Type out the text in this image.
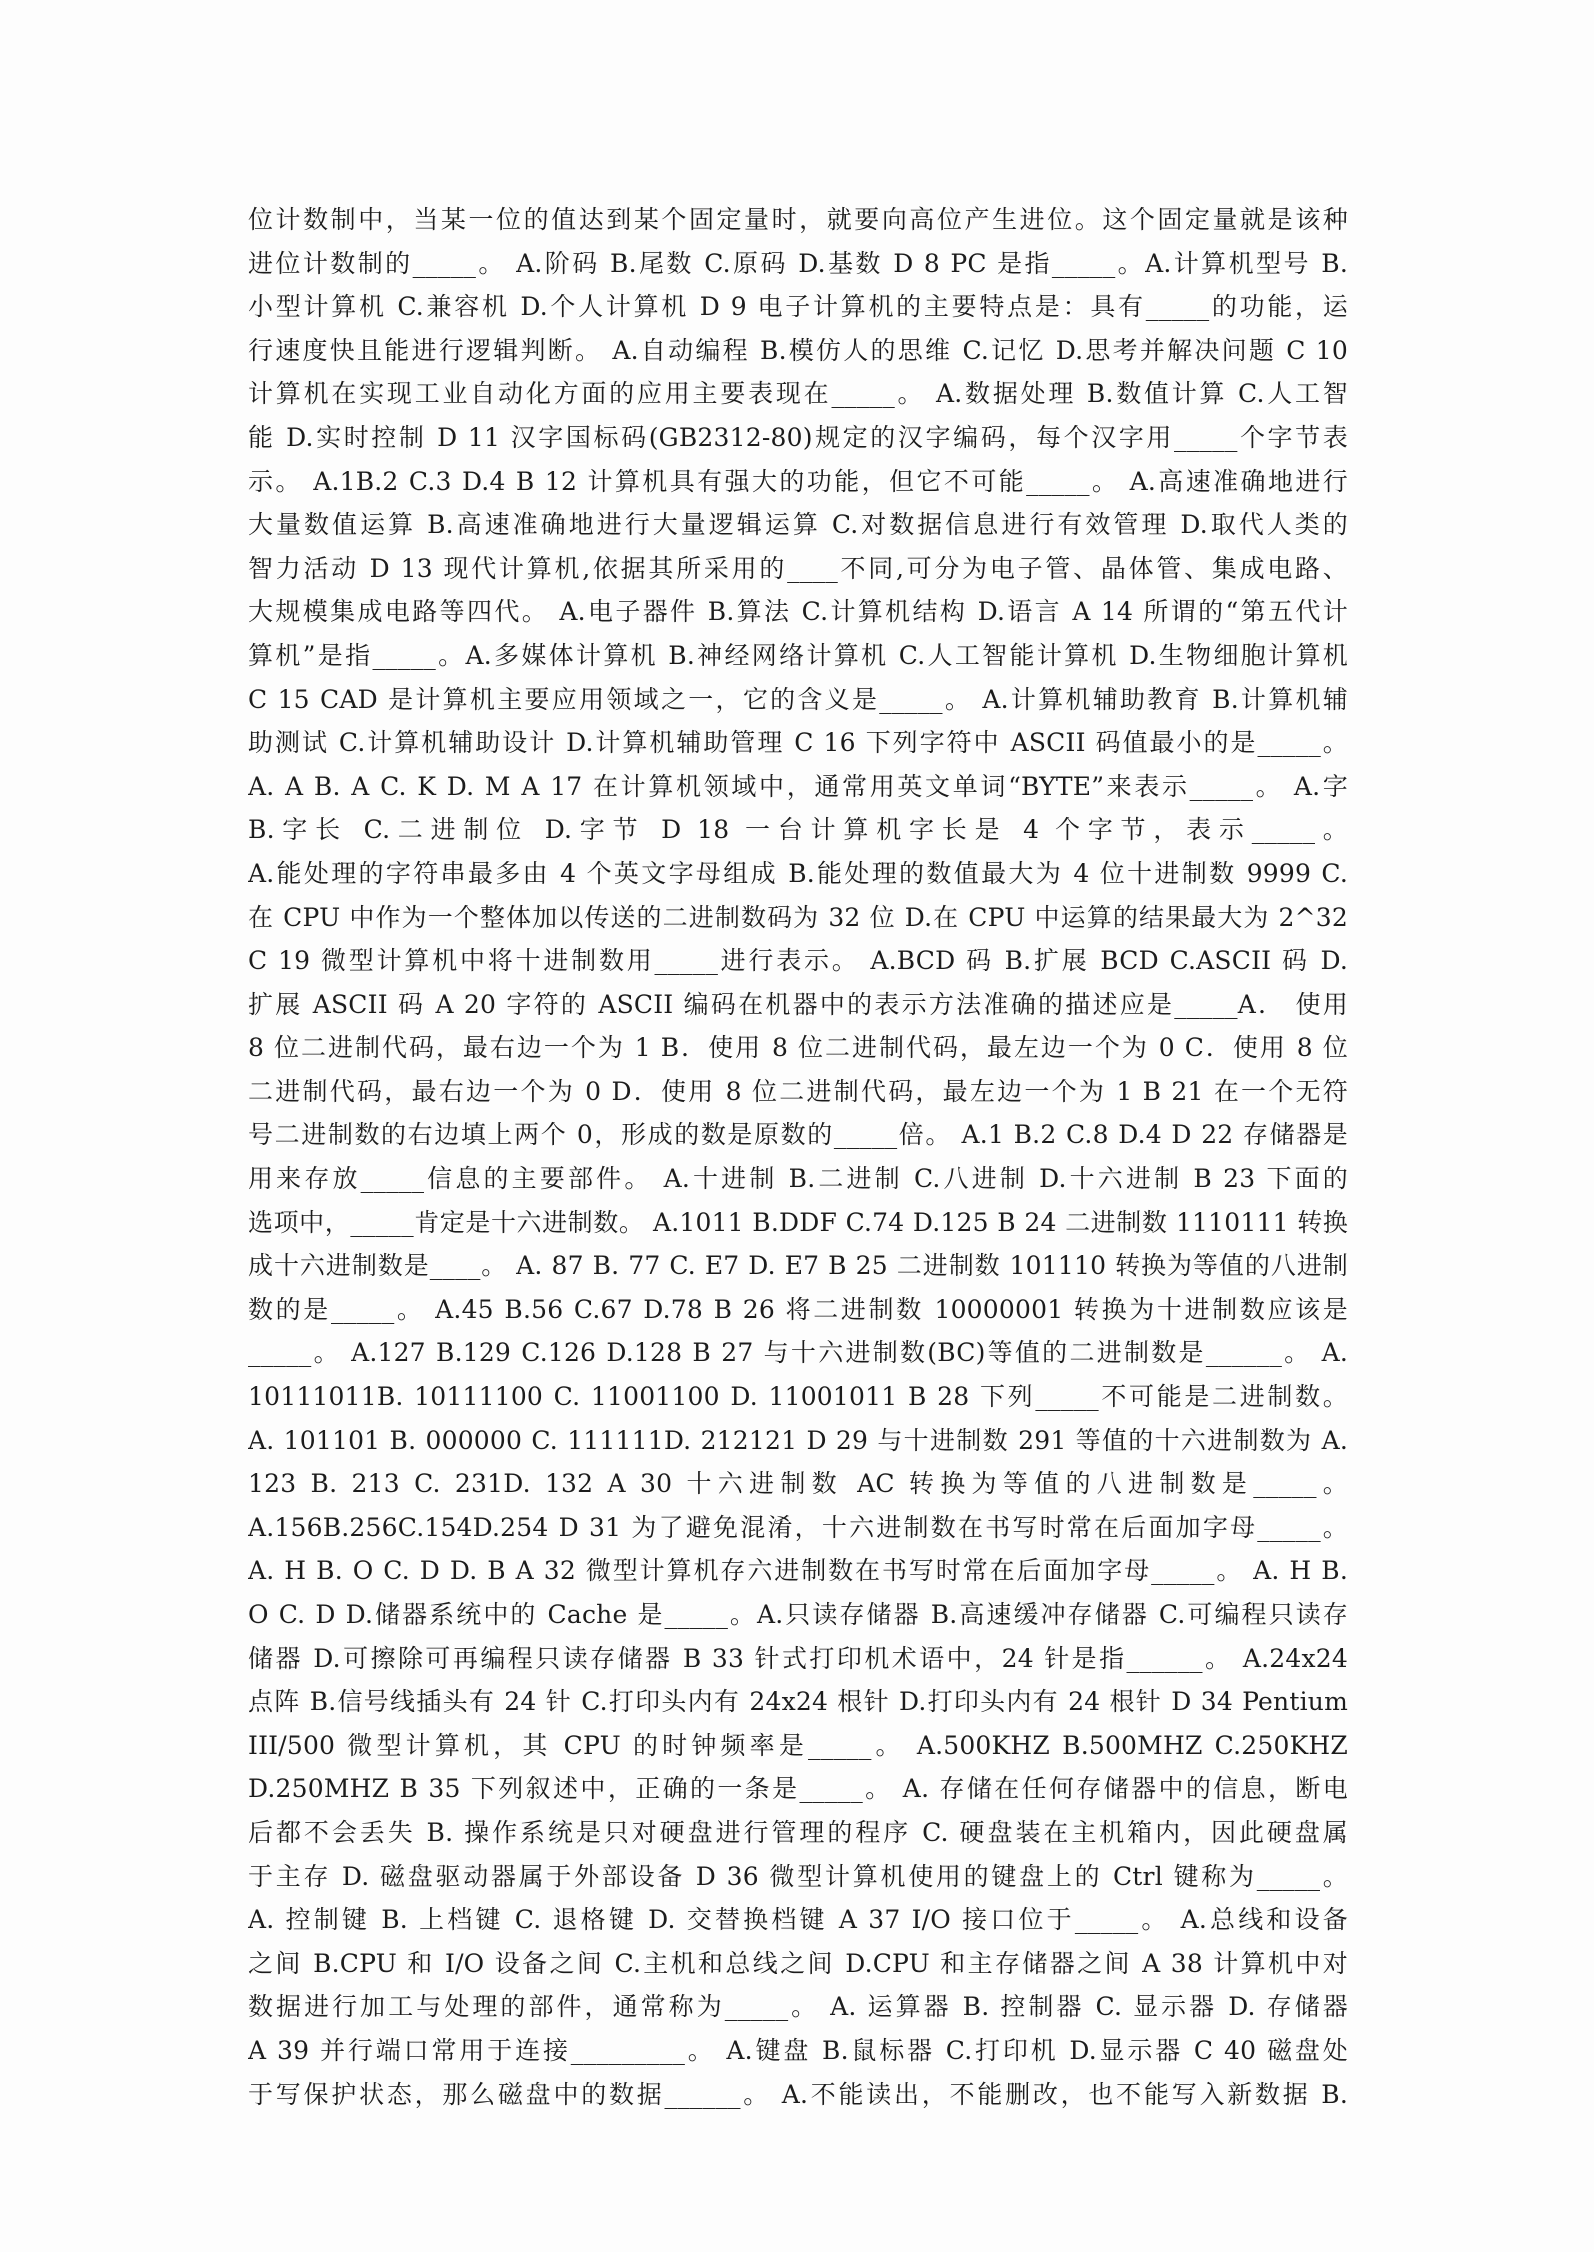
位计数制中，当某一位的值达到某个固定量时，就要向高位产生进位。这个固定量就是该种
进位计数制的_____。 A.阶码 B.尾数 C.原码 D.基数 D 8 PC 是指_____。A.计算机型号 B.
小型计算机 C.兼容机 D.个人计算机 D 9 电子计算机的主要特点是：具有_____的功能，运
行速度快且能进行逻辑判断。 A.自动编程 B.模仿人的思维 C.记忆 D.思考并解决问题 C 10
计算机在实现工业自动化方面的应用主要表现在_____。 A.数据处理 B.数值计算 C.人工智
能 D.实时控制 D 11 汉字国标码(GB2312-80)规定的汉字编码，每个汉字用_____个字节表
示。 A.1B.2 C.3 D.4 B 12 计算机具有强大的功能，但它不可能_____。 A.高速准确地进行
大量数值运算 B.高速准确地进行大量逻辑运算 C.对数据信息进行有效管理 D.取代人类的
智力活动 D 13 现代计算机,依据其所采用的____不同,可分为电子管、晶体管、集成电路、
大规模集成电路等四代。 A.电子器件 B.算法 C.计算机结构 D.语言 A 14 所谓的“第五代计
算机”是指_____。A.多媒体计算机 B.神经网络计算机 C.人工智能计算机 D.生物细胞计算机
C 15 CAD 是计算机主要应用领域之一，它的含义是_____。 A.计算机辅助教育 B.计算机辅
助测试 C.计算机辅助设计 D.计算机辅助管理 C 16 下列字符中 ASCII 码值最小的是_____。
A. A B. A C. K D. M A 17 在计算机领域中，通常用英文单词“BYTE”来表示_____。 A.字
B.字长 C.二进制位 D.字节 D 18 一台计算机字长是 4 个字节，表示_____。
A.能处理的字符串最多由 4 个英文字母组成 B.能处理的数值最大为 4 位十进制数 9999 C.
在 CPU 中作为一个整体加以传送的二进制数码为 32 位 D.在 CPU 中运算的结果最大为 2^32
C 19 微型计算机中将十进制数用_____进行表示。 A.BCD 码 B.扩展 BCD C.ASCII 码 D.
扩展 ASCII 码 A 20 字符的 ASCII 编码在机器中的表示方法准确的描述应是_____A． 使用
8 位二进制代码，最右边一个为 1 B．使用 8 位二进制代码，最左边一个为 0 C．使用 8 位
二进制代码，最右边一个为 0 D．使用 8 位二进制代码，最左边一个为 1 B 21 在一个无符
号二进制数的右边填上两个 0，形成的数是原数的_____倍。 A.1 B.2 C.8 D.4 D 22 存储器是
用来存放_____信息的主要部件。 A.十进制 B.二进制 C.八进制 D.十六进制 B 23 下面的
选项中，_____肯定是十六进制数。 A.1011 B.DDF C.74 D.125 B 24 二进制数 1110111 转换
成十六进制数是____。 A. 87 B. 77 C. E7 D. E7 B 25 二进制数 101110 转换为等值的八进制
数的是_____。 A.45 B.56 C.67 D.78 B 26 将二进制数 10000001 转换为十进制数应该是
_____。 A.127 B.129 C.126 D.128 B 27 与十六进制数(BC)等值的二进制数是______。 A.
10111011B. 10111100 C. 11001100 D. 11001011 B 28 下列_____不可能是二进制数。
A. 101101 B. 000000 C. 111111D. 212121 D 29 与十进制数 291 等值的十六进制数为 A.
123 B. 213 C. 231D. 132 A 30 十六进制数 AC 转换为等值的八进制数是_____。
A.156B.256C.154D.254 D 31 为了避免混淆，十六进制数在书写时常在后面加字母_____。
A. H B. O C. D D. B A 32 微型计算机存六进制数在书写时常在后面加字母_____。 A. H B.
O C. D D.储器系统中的 Cache 是_____。A.只读存储器 B.高速缓冲存储器 C.可编程只读存
储器 D.可擦除可再编程只读存储器 B 33 针式打印机术语中，24 针是指______。 A.24x24
点阵 B.信号线插头有 24 针 C.打印头内有 24x24 根针 D.打印头内有 24 根针 D 34 Pentium
III/500 微型计算机，其 CPU 的时钟频率是_____。 A.500KHZ B.500MHZ C.250KHZ
D.250MHZ B 35 下列叙述中，正确的一条是_____。 A. 存储在任何存储器中的信息，断电
后都不会丢失 B. 操作系统是只对硬盘进行管理的程序 C. 硬盘装在主机箱内，因此硬盘属
于主存 D. 磁盘驱动器属于外部设备 D 36 微型计算机使用的键盘上的 Ctrl 键称为_____。
A. 控制键 B. 上档键 C. 退格键 D. 交替换档键 A 37 I/O 接口位于_____。 A.总线和设备
之间 B.CPU 和 I/O 设备之间 C.主机和总线之间 D.CPU 和主存储器之间 A 38 计算机中对
数据进行加工与处理的部件，通常称为_____。 A. 运算器 B. 控制器 C. 显示器 D. 存储器
A 39 并行端口常用于连接_________。 A.键盘 B.鼠标器 C.打印机 D.显示器 C 40 磁盘处
于写保护状态，那么磁盘中的数据______。 A.不能读出，不能删改，也不能写入新数据 B.
